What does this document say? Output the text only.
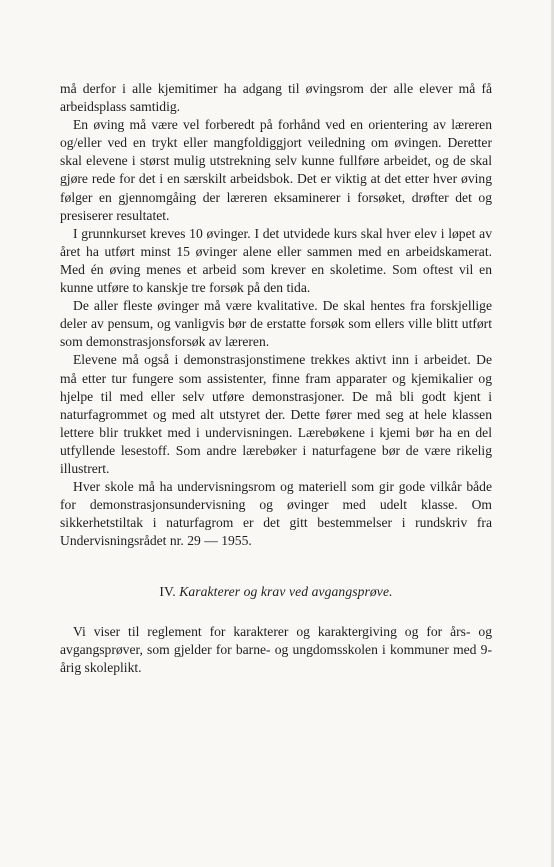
må derfor i alle kjemitimer ha adgang til øvingsrom der alle elever må få arbeidsplass samtidig.

En øving må være vel forberedt på forhånd ved en orientering av læreren og/eller ved en trykt eller mangfoldiggjort veiledning om øvingen. Deretter skal elevene i størst mulig utstrekning selv kunne fullføre arbeidet, og de skal gjøre rede for det i en særskilt arbeidsbok. Det er viktig at det etter hver øving følger en gjennomgåing der læreren eksaminerer i forsøket, drøfter det og presiserer resultatet.

I grunnkurset kreves 10 øvinger. I det utvidede kurs skal hver elev i løpet av året ha utført minst 15 øvinger alene eller sammen med en arbeidskamerat. Med én øving menes et arbeid som krever en skoletime. Som oftest vil en kunne utføre to kanskje tre forsøk på den tida.

De aller fleste øvinger må være kvalitative. De skal hentes fra forskjellige deler av pensum, og vanligvis bør de erstatte forsøk som ellers ville blitt utført som demonstrasjonsforsøk av læreren.

Elevene må også i demonstrasjonstimene trekkes aktivt inn i arbeidet. De må etter tur fungere som assistenter, finne fram apparater og kjemikalier og hjelpe til med eller selv utføre demonstrasjoner. De må bli godt kjent i naturfagrommet og med alt utstyret der. Dette fører med seg at hele klassen lettere blir trukket med i undervisningen. Lærebøkene i kjemi bør ha en del utfyllende lesestoff. Som andre lærebøker i naturfagene bør de være rikelig illustrert.

Hver skole må ha undervisningsrom og materiell som gir gode vilkår både for demonstrasjonsundervisning og øvinger med udelt klasse. Om sikkerhetstiltak i naturfagrom er det gitt bestemmelser i rundskriv fra Undervisningsrådet nr. 29 — 1955.

IV. Karakterer og krav ved avgangsprøve.

Vi viser til reglement for karakterer og karaktergiving og for års- og avgangsprøver, som gjelder for barne- og ungdomsskolen i kommuner med 9-årig skoleplikt.
